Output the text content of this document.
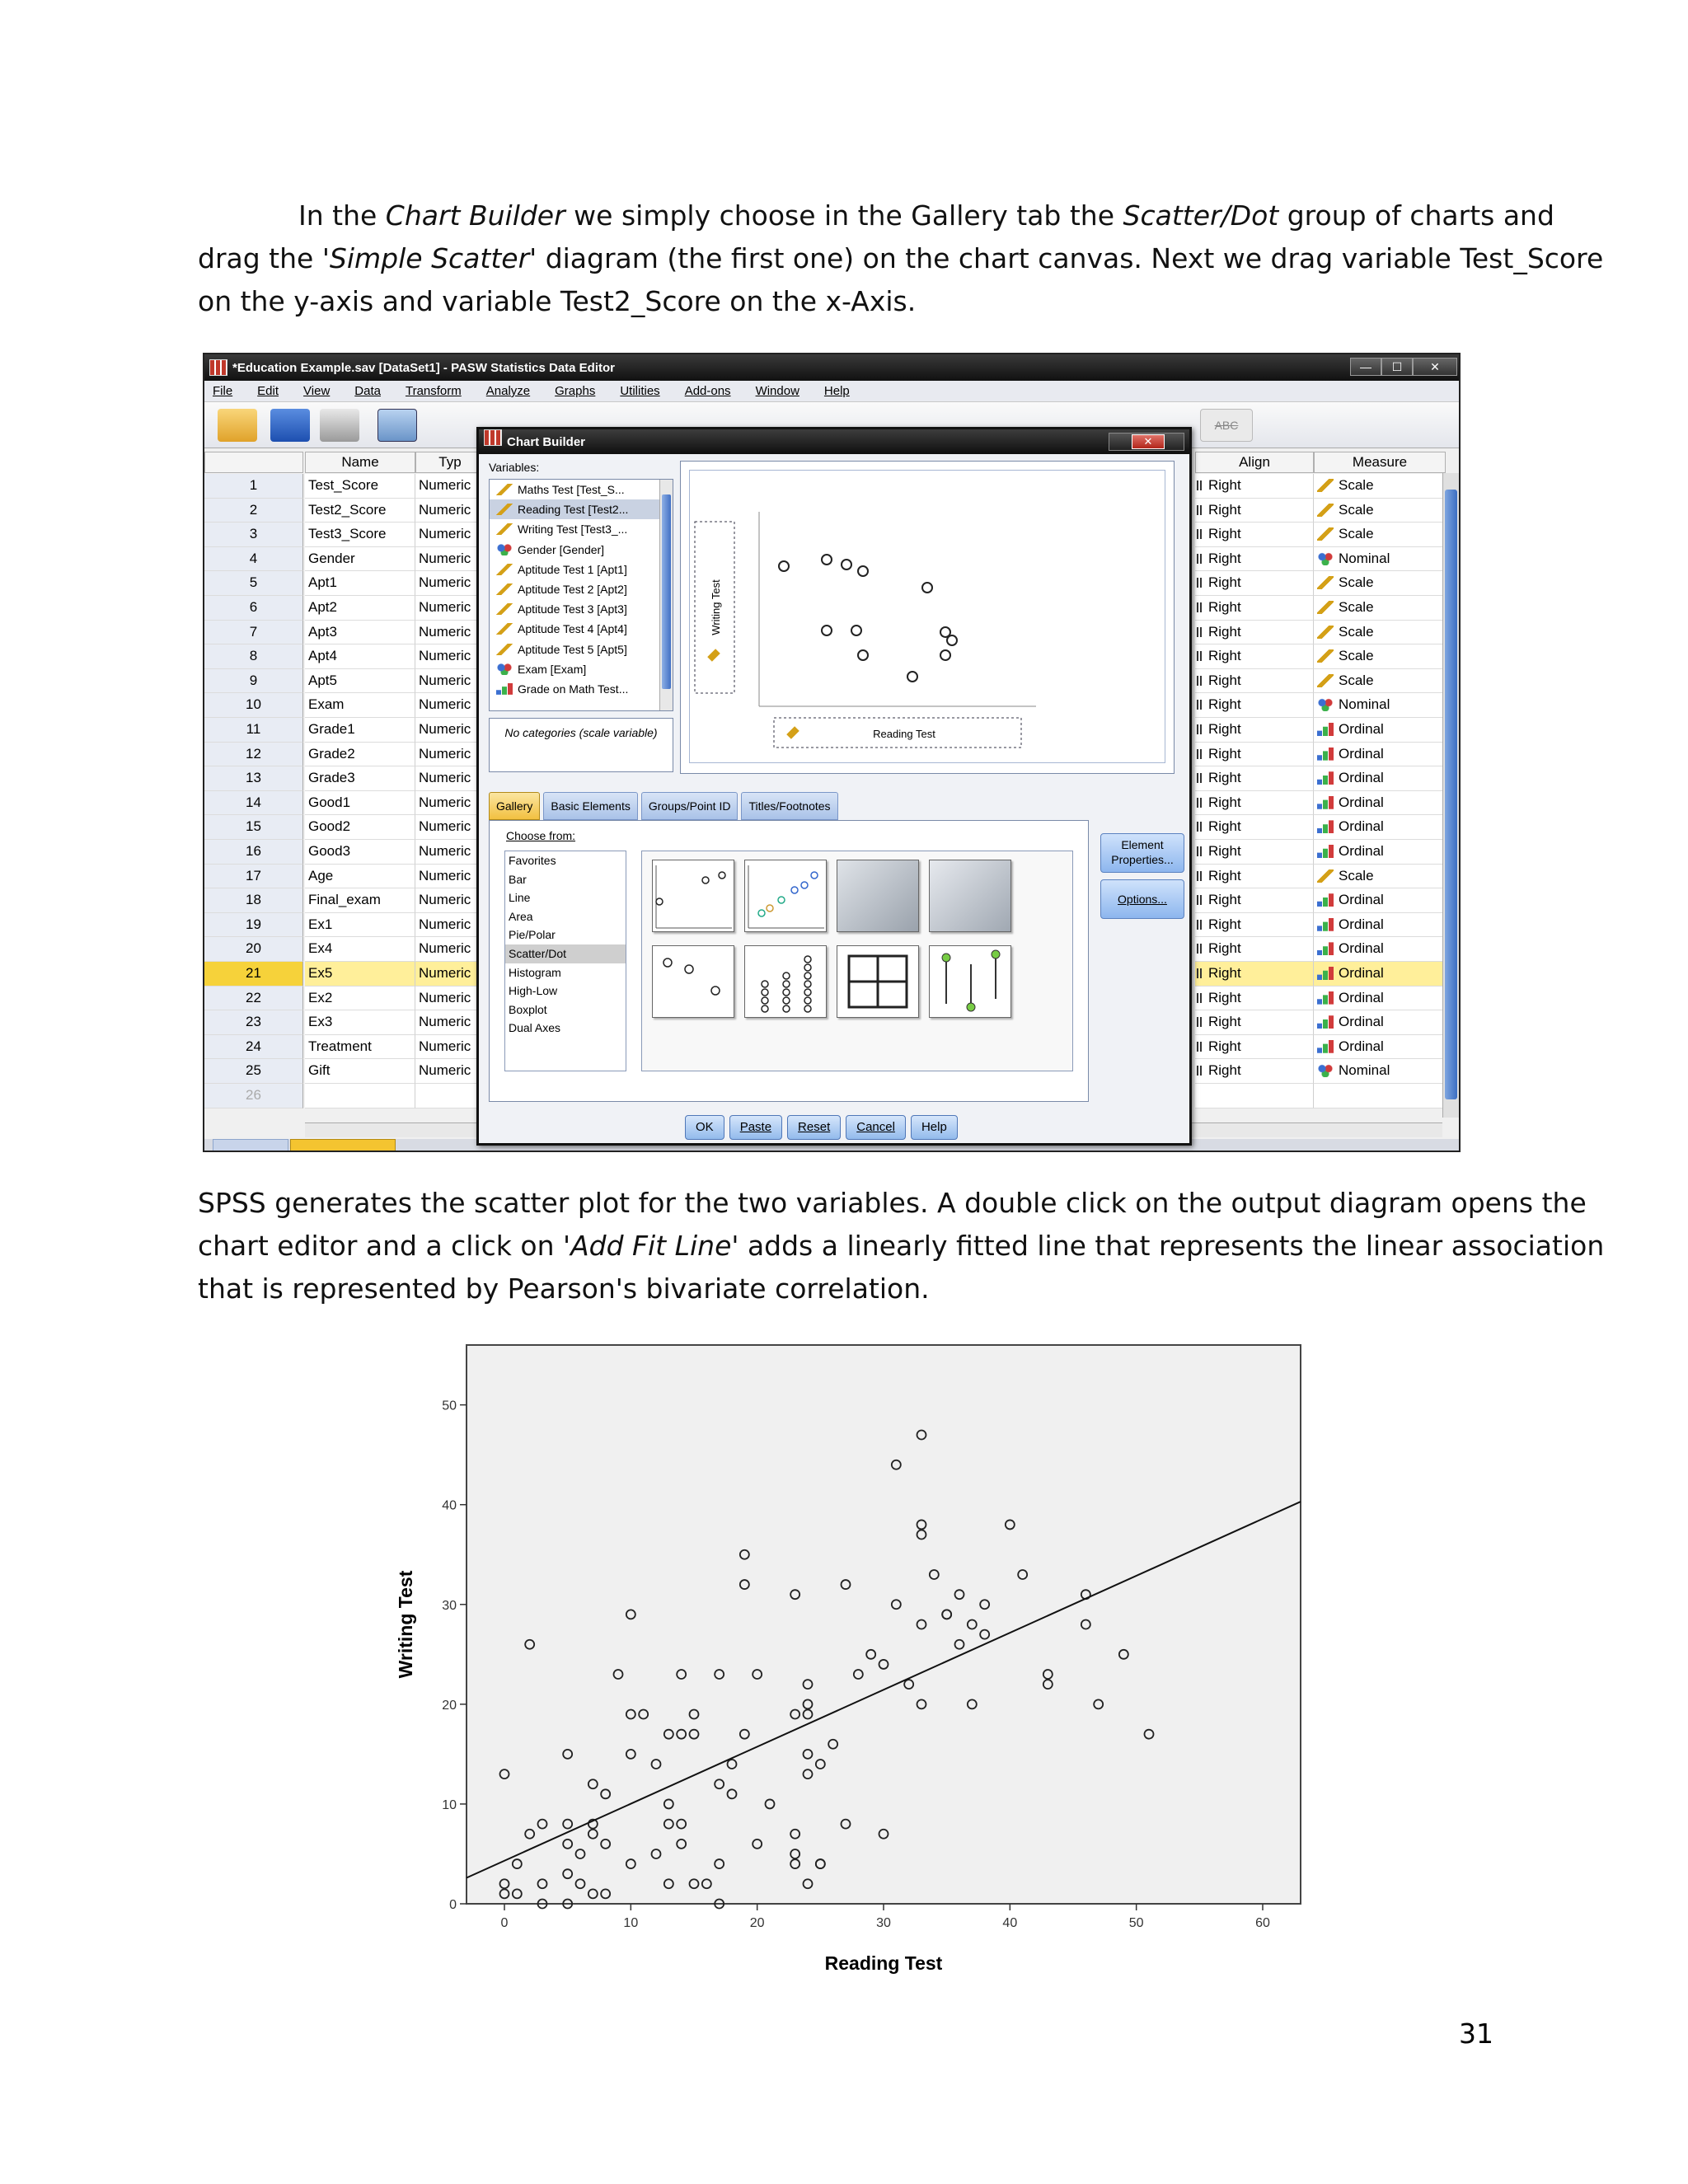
In the Chart Builder we simply choose in the Gallery tab the Scatter/Dot group of charts and

drag the 'Simple Scatter' diagram (the first one) on the chart canvas. Next we drag variable Test_Score

on the y-axis and variable Test2_Score on the x-Axis.

*Education Example.sav [DataSet1] - PASW Statistics Data Editor	—	☐	✕
File Edit View Data Transform Analyze Graphs Utilities Add-ons Window Help
ABC
Name	Typ	Align	Measure
1	Test_Score	Numeric	Right	Scale
2	Test2_Score	Numeric	Right	Scale
3	Test3_Score	Numeric	Right	Scale
4	Gender	Numeric	Right	Nominal
5	Apt1	Numeric	Right	Scale
6	Apt2	Numeric	Right	Scale
7	Apt3	Numeric	Right	Scale
8	Apt4	Numeric	Right	Scale
9	Apt5	Numeric	Right	Scale
10	Exam	Numeric	Right	Nominal
11	Grade1	Numeric	Right	Ordinal
12	Grade2	Numeric	Right	Ordinal
13	Grade3	Numeric	Right	Ordinal
14	Good1	Numeric	Right	Ordinal
15	Good2	Numeric	Right	Ordinal
16	Good3	Numeric	Right	Ordinal
17	Age	Numeric	Right	Scale
18	Final_exam	Numeric	Right	Ordinal
19	Ex1	Numeric	Right	Ordinal
20	Ex4	Numeric	Right	Ordinal
21	Ex5	Numeric	Right	Ordinal
22	Ex2	Numeric	Right	Ordinal
23	Ex3	Numeric	Right	Ordinal
24	Treatment	Numeric	Right	Ordinal
25	Gift	Numeric	Right	Nominal
26
Chart Builder	✕
Variables:
Maths Test [Test_S...
Reading Test [Test2...
Writing Test [Test3_...
Gender [Gender]
Aptitude Test 1 [Apt1]
Aptitude Test 2 [Apt2]
Aptitude Test 3 [Apt3]
Aptitude Test 4 [Apt4]
Aptitude Test 5 [Apt5]
Exam [Exam]
Grade on Math Test...
No categories (scale variable)
Writing Test
Reading Test
Gallery	Basic Elements	Groups/Point ID	Titles/Footnotes
Choose from:
Favorites
Bar
Line
Area
Pie/Polar
Scatter/Dot
Histogram
High-Low
Boxplot
Dual Axes
Element Properties...
Options...
OK	Paste	Reset	Cancel	Help

SPSS generates the scatter plot for the two variables. A double click on the output diagram opens the

chart editor and a click on 'Add Fit Line' adds a linearly fitted line that represents the linear association

that is represented by Pearson's bivariate correlation.

0
10
20
30
40
50
0	10	20	30	40	50	60
Reading Test
Writing Test
31
